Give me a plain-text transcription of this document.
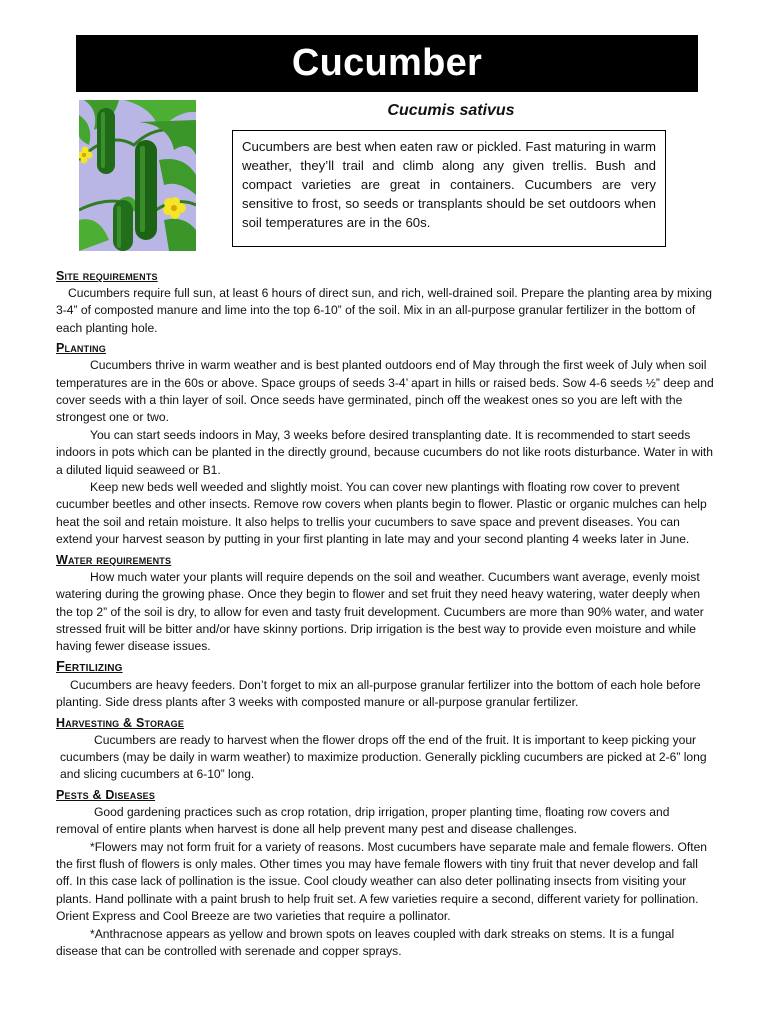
Cucumber
Cucumis sativus
Cucumbers are best when eaten raw or pickled. Fast maturing in warm weather, they’ll trail and climb along any given trellis. Bush and compact varieties are great in containers. Cucumbers are very sensitive to frost, so seeds or transplants should be set outdoors when soil temperatures are in the 60s.
Site requirements

Cucumbers require full sun, at least 6 hours of direct sun, and rich, well-drained soil. Prepare the planting area by mixing 3-4” of composted manure and lime into the top 6-10” of the soil. Mix in an all-purpose granular fertilizer in the bottom of each planting hole.

Planting

Cucumbers thrive in warm weather and is best planted outdoors end of May through the first week of July when soil temperatures are in the 60s or above. Space groups of seeds 3-4’ apart in hills or raised beds. Sow 4-6 seeds ½” deep and cover seeds with a thin layer of soil. Once seeds have germinated, pinch off the weakest ones so you are left with the strongest one or two.

You can start seeds indoors in May, 3 weeks before desired transplanting date. It is recommended to start seeds indoors in pots which can be planted in the directly ground, because cucumbers do not like roots disturbance. Water in with a diluted liquid seaweed or B1.

Keep new beds well weeded and slightly moist. You can cover new plantings with floating row cover to prevent cucumber beetles and other insects. Remove row covers when plants begin to flower. Plastic or organic mulches can help heat the soil and retain moisture. It also helps to trellis your cucumbers to save space and prevent diseases. You can extend your harvest season by putting in your first planting in late may and your second planting 4 weeks later in June.

Water requirements

How much water your plants will require depends on the soil and weather. Cucumbers want average, evenly moist watering during the growing phase. Once they begin to flower and set fruit they need heavy watering, water deeply when the top 2” of the soil is dry, to allow for even and tasty fruit development. Cucumbers are more than 90% water, and water stressed fruit will be bitter and/or have skinny portions. Drip irrigation is the best way to provide even moisture and while having fewer disease issues.

Fertilizing

Cucumbers are heavy feeders. Don’t forget to mix an all-purpose granular fertilizer into the bottom of each hole before planting. Side dress plants after 3 weeks with composted manure or all-purpose granular fertilizer.

Harvesting & Storage

Cucumbers are ready to harvest when the flower drops off the end of the fruit. It is important to keep picking your cucumbers (may be daily in warm weather) to maximize production. Generally pickling cucumbers are picked at 2-6” long and slicing cucumbers at 6-10” long.

Pests & Diseases

Good gardening practices such as crop rotation, drip irrigation, proper planting time, floating row covers and removal of entire plants when harvest is done all help prevent many pest and disease challenges.

*Flowers may not form fruit for a variety of reasons. Most cucumbers have separate male and female flowers. Often the first flush of flowers is only males. Other times you may have female flowers with tiny fruit that never develop and fall off. In this case lack of pollination is the issue. Cool cloudy weather can also deter pollinating insects from visiting your plants. Hand pollinate with a paint brush to help fruit set. A few varieties require a second, different variety for pollination. Orient Express and Cool Breeze are two varieties that require a pollinator.

*Anthracnose appears as yellow and brown spots on leaves coupled with dark streaks on stems. It is a fungal disease that can be controlled with serenade and copper sprays.
